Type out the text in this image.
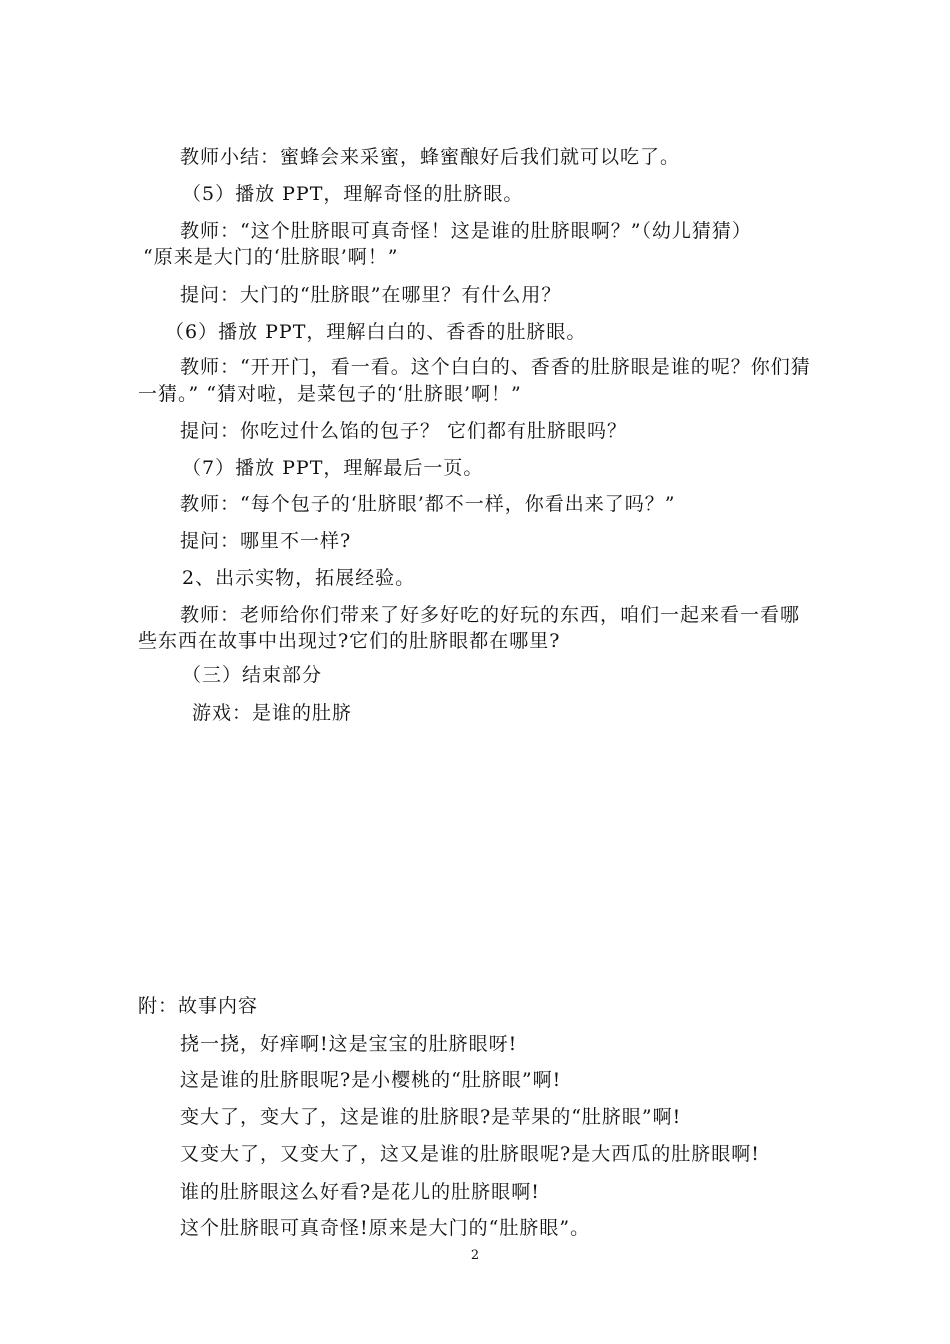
教师小结：蜜蜂会来采蜜，蜂蜜酿好后我们就可以吃了。
（5）播放 PPT，理解奇怪的肚脐眼。
教师：“这个肚脐眼可真奇怪！这是谁的肚脐眼啊？”（幼儿猜猜）
“原来是大门的‘肚脐眼’啊！”
提问：大门的“肚脐眼”在哪里？有什么用？
（6）播放 PPT，理解白白的、香香的肚脐眼。
教师：“开开门，看一看。这个白白的、香香的肚脐眼是谁的呢？你们猜
一猜。” “猜对啦，是菜包子的‘肚脐眼’啊！”
提问：你吃过什么馅的包子？ 它们都有肚脐眼吗？
（7）播放 PPT，理解最后一页。
教师：“每个包子的‘肚脐眼’都不一样，你看出来了吗？”
提问：哪里不一样?
2、出示实物，拓展经验。
教师：老师给你们带来了好多好吃的好玩的东西，咱们一起来看一看哪
些东西在故事中出现过?它们的肚脐眼都在哪里?
（三）结束部分
游戏：是谁的肚脐
附：故事内容
挠一挠，好痒啊!这是宝宝的肚脐眼呀!
这是谁的肚脐眼呢?是小樱桃的“肚脐眼”啊!
变大了，变大了，这是谁的肚脐眼?是苹果的“肚脐眼”啊!
又变大了，又变大了，这又是谁的肚脐眼呢?是大西瓜的肚脐眼啊!
谁的肚脐眼这么好看?是花儿的肚脐眼啊!
这个肚脐眼可真奇怪!原来是大门的“肚脐眼”。
2
